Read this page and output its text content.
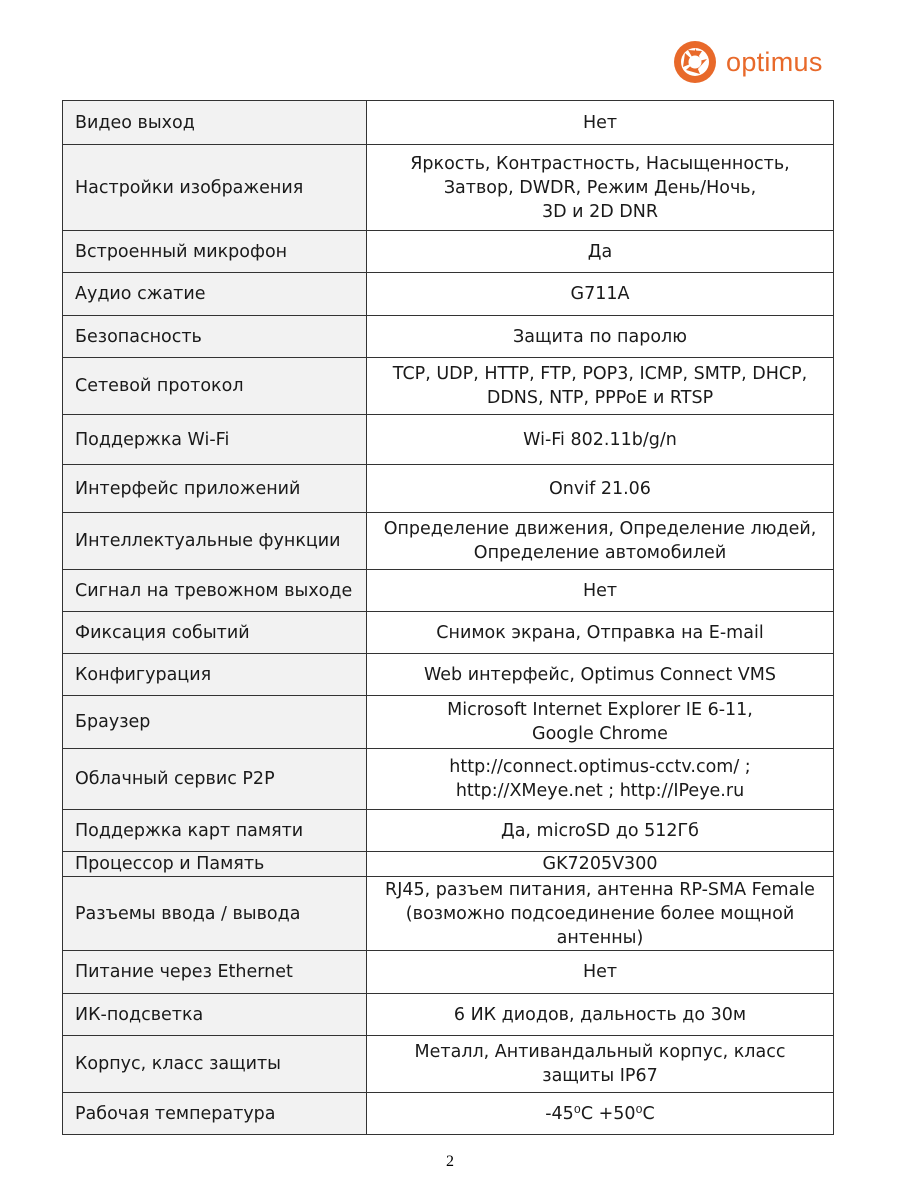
optimus
Видео выход	Нет
Настройки изображения	Яркость, Контрастность, Насыщенность,
Затвор, DWDR, Режим День/Ночь,
3D и 2D DNR
Встроенный микрофон	Да
Аудио сжатие	G711A
Безопасность	Защита по паролю
Сетевой протокол	TCP, UDP, HTTP, FTP, POP3, ICMP, SMTP, DHCP,
DDNS, NTP, PPPoE и RTSP
Поддержка Wi-Fi	Wi-Fi 802.11b/g/n
Интерфейс приложений	Onvif 21.06
Интеллектуальные функции	Определение движения, Определение людей,
Определение автомобилей
Сигнал на тревожном выходе	Нет
Фиксация событий	Снимок экрана, Отправка на E-mail
Конфигурация	Web интерфейс, Optimus Connect VMS
Браузер	Microsoft Internet Explorer IE 6-11,
Google Chrome
Облачный сервис P2P	http://connect.optimus-cctv.com/ ;
http://XMeye.net ; http://IPeye.ru
Поддержка карт памяти	Да, microSD до 512Гб
Процессор и Память	GK7205V300
Разъемы ввода / вывода	RJ45, разъем питания, антенна RP-SMA Female
(возможно подсоединение более мощной
антенны)
Питание через Ethernet	Нет
ИК-подсветка	6 ИК диодов, дальность до 30м
Корпус, класс защиты	Металл, Антивандальный корпус, класс
защиты IP67
Рабочая температура	-45⁰C +50⁰C
2
